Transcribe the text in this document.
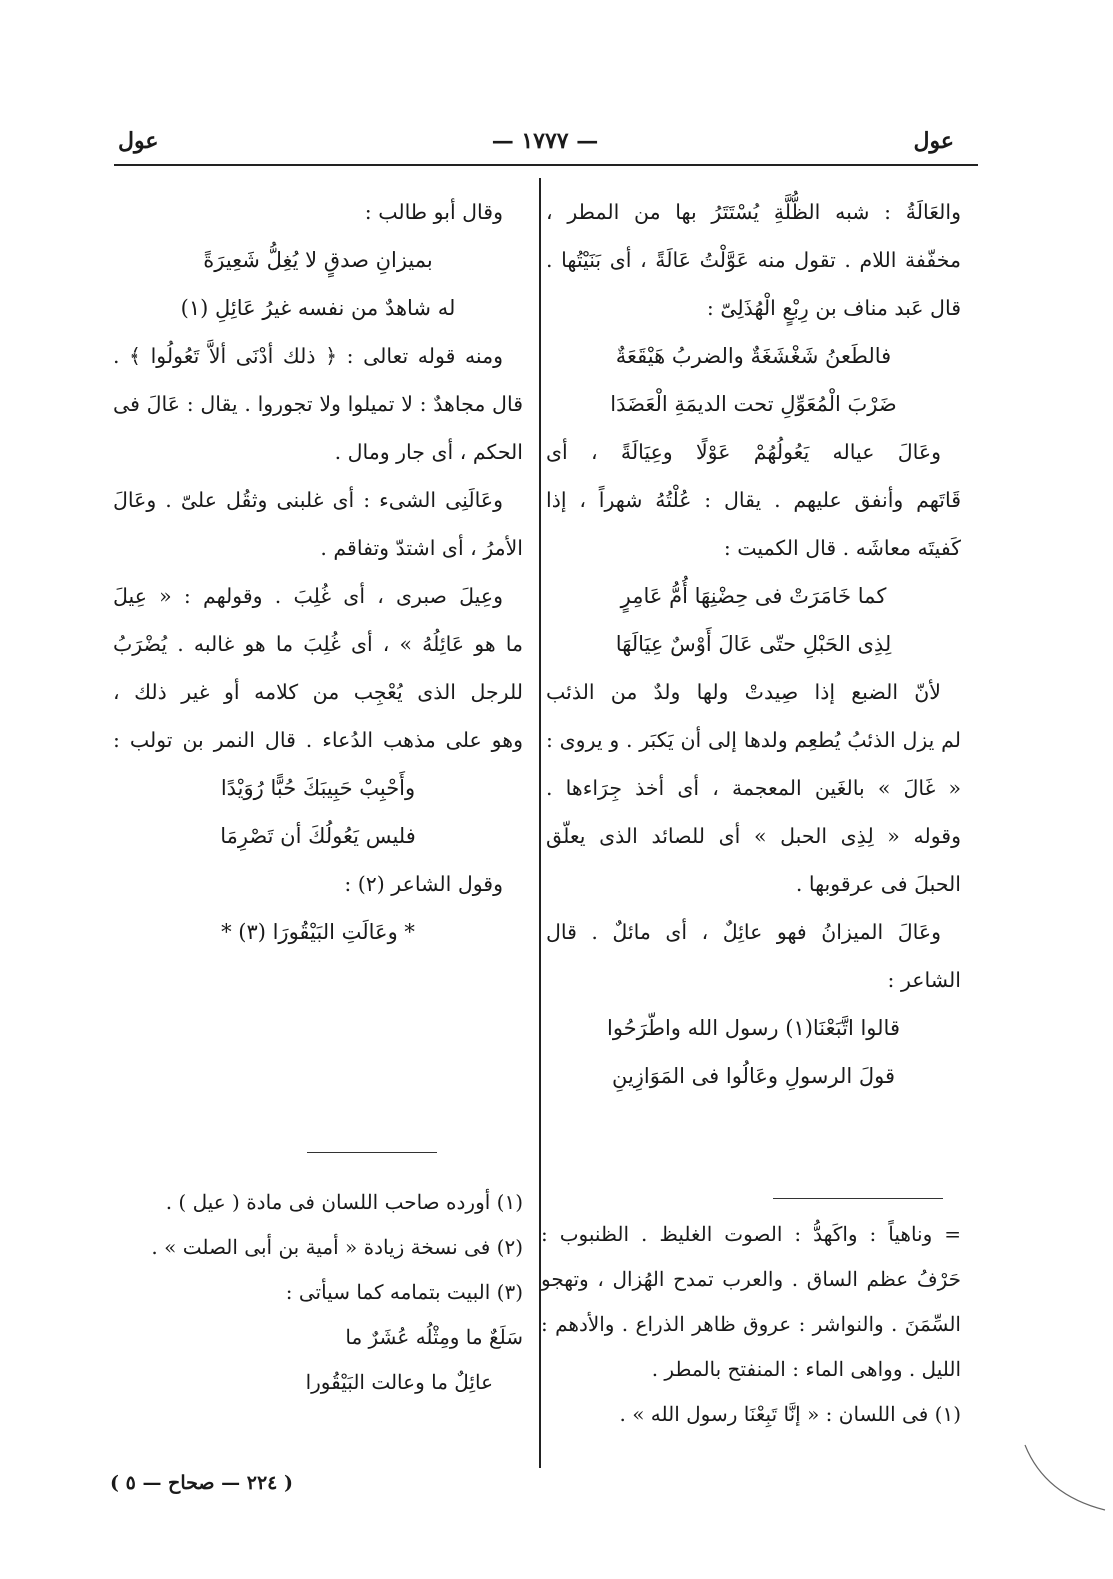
عول
— ١٧٧٧ —
عول
والعَالَةُ : شبه الظُّلَّةِ يُسْتَتَرُ بها من المطر ،
مخفّفة اللام . تقول منه عَوَّلْتُ عَالَةً ، أى بَنَيْتُها .
قال عَبد مناف بن رِبْعٍ الْهُذَلِىّ :
فالطَعنُ شَغْشَغَةٌ والضربُ هَيْقَعَةٌ
ضَرْبَ الْمُعَوِّلِ تحت الديمَةِ الْعَضَدَا
وعَالَ عياله يَعُولُهُمْ عَوْلًا وعِيَالَةً ، أى
قَاتَهم وأنفق عليهم . يقال : عُلْتُهُ شهراً ، إذا
كَفيتَه معاشَه . قال الكميت :
كما خَامَرَتْ فى حِضْنِهَا أُمُّ عَامِرٍ
لِذِى الحَبْلِ حتّى عَالَ أَوْسٌ عِيَالَهَا
لأنّ الضبع إذا صِيدتْ ولها ولدٌ من الذئب
لم يزل الذئبُ يُطعِم ولدها إلى أن يَكبَر . و يروى :
« غَالَ » بالغَين المعجمة ، أى أخذ جِرَاءها .
وقوله « لِذِى الحبل » أى للصائد الذى يعلّق
الحبلَ فى عرقوبها .
وعَالَ الميزانُ فهو عائِلٌ ، أى مائلٌ . قال
الشاعر :
قالوا اتَّبَعْنَا(١) رسول الله واطّرَحُوا
قولَ الرسولِ وعَالُوا فى المَوَازِينِ
= وناهياً : واكَهدُّ : الصوت الغليظ . الظنبوب :
حَرْفُ عظم الساق . والعرب تمدح الهُزال ، وتهجو
السِّمَنَ . والنواشر : عروق ظاهر الذراع . والأدهم :
الليل . وواهى الماء : المنفتح بالمطر .
(١) فى اللسان : « إنَّا تَبِعْنَا رسول الله » .
وقال أبو طالب :
بميزانِ صدقٍ لا يُغِلُّ شَعِيرَةً
له شاهدٌ من نفسه غيرُ عَائِلِ (١)
ومنه قوله تعالى : ﴿ ذلك أدْنَى ألاَّ تَعُولُوا ﴾ .
قال مجاهدٌ : لا تميلوا ولا تجوروا . يقال : عَالَ فى
الحكم ، أى جار ومال .
وعَالَنِى الشىء : أى غلبنى وثقُل علىّ . وعَالَ
الأمرُ ، أى اشتدّ وتفاقم .
وعِيلَ صبرى ، أى غُلِبَ . وقولهم : « عِيلَ
ما هو عَائِلُهُ » ، أى غُلِبَ ما هو غالبه . يُضْرَبُ
للرجل الذى يُعْجِب من كلامه أو غير ذلك ،
وهو على مذهب الدُعاء . قال النمر بن تولب :
وأَحْبِبْ حَبِيبَكَ حُبًّا رُوَيْدًا
فليس يَعُولُكَ أن تَصْرِمَا
وقول الشاعر (٢) :
* وعَالَتِ البَيْقُورَا (٣) *
(١) أورده صاحب اللسان فى مادة ( عيل ) .
(٢) فى نسخة زيادة « أمية بن أبى الصلت » .
(٣) البيت بتمامه كما سيأتى :
سَلَعٌ ما ومِثْلُه عُشَرٌ ما
عائِلٌ ما وعالت البَيْقُورا
( ٢٢٤ — صحاح — ٥ )
